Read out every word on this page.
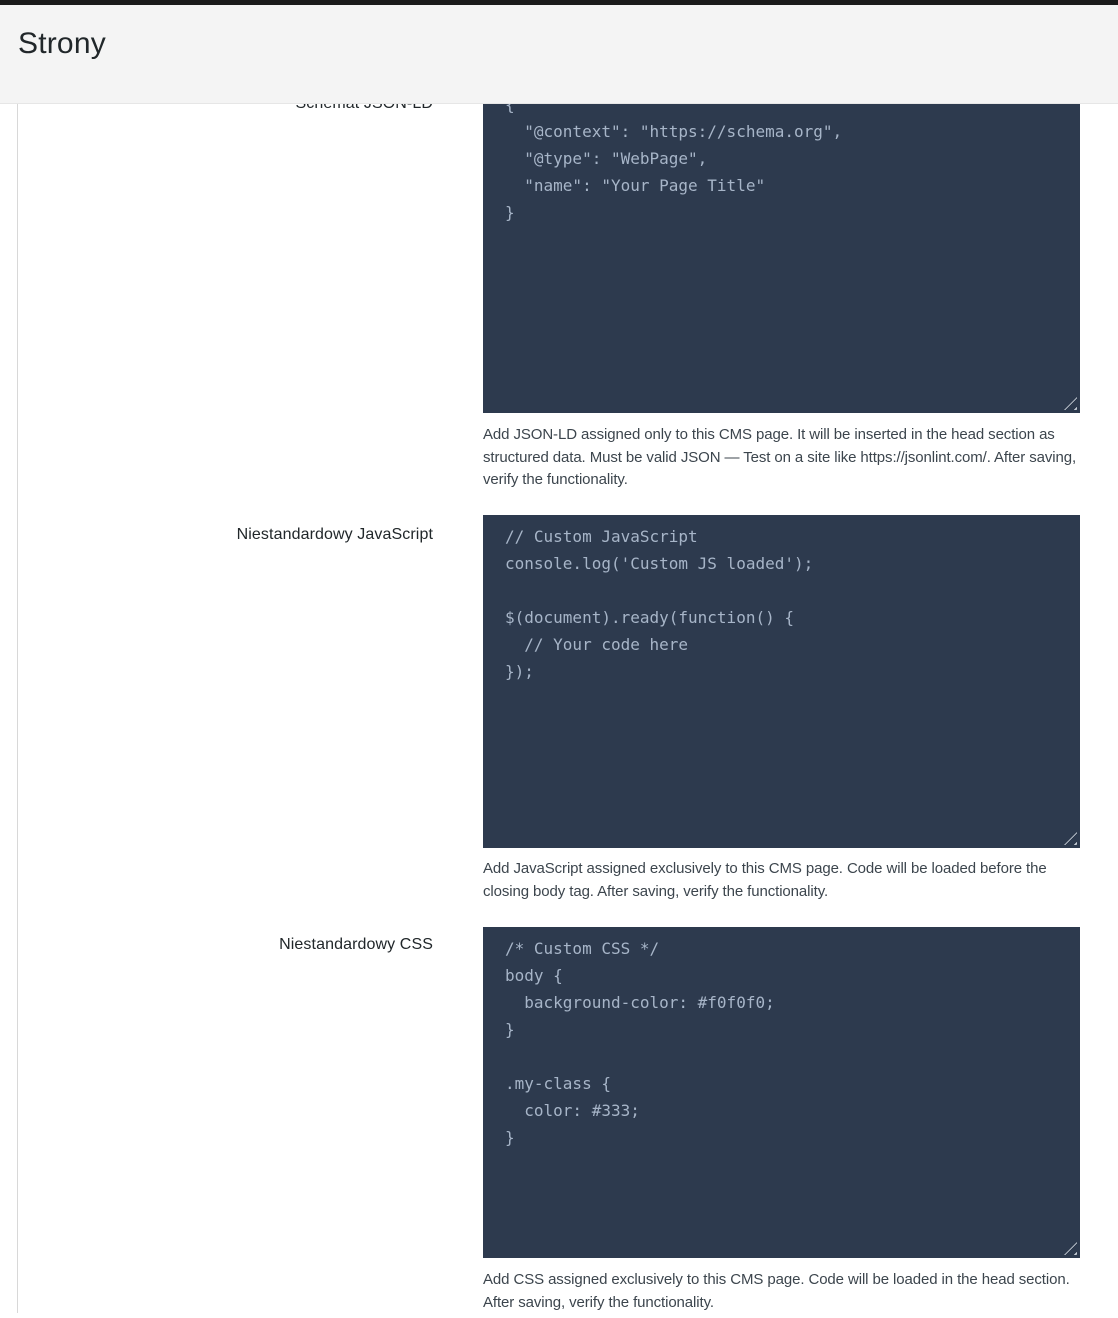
{ "@context": "https://schema.org", "@type": "WebPage", "name": "Your Page Title" }
Add JSON-LD assigned only to this CMS page. It will be inserted in the head section as structured data. Must be valid JSON — Test on a site like https://jsonlint.com/. After saving, verify the functionality.
Niestandardowy JavaScript
// Custom JavaScript console.log('Custom JS loaded'); $(document).ready(function() { // Your code here });
Add JavaScript assigned exclusively to this CMS page. Code will be loaded before the closing body tag. After saving, verify the functionality.
Niestandardowy CSS
/* Custom CSS */ body { background-color: #f0f0f0; } .my-class { color: #333; }
Add CSS assigned exclusively to this CMS page. Code will be loaded in the head section. After saving, verify the functionality.
Strony
